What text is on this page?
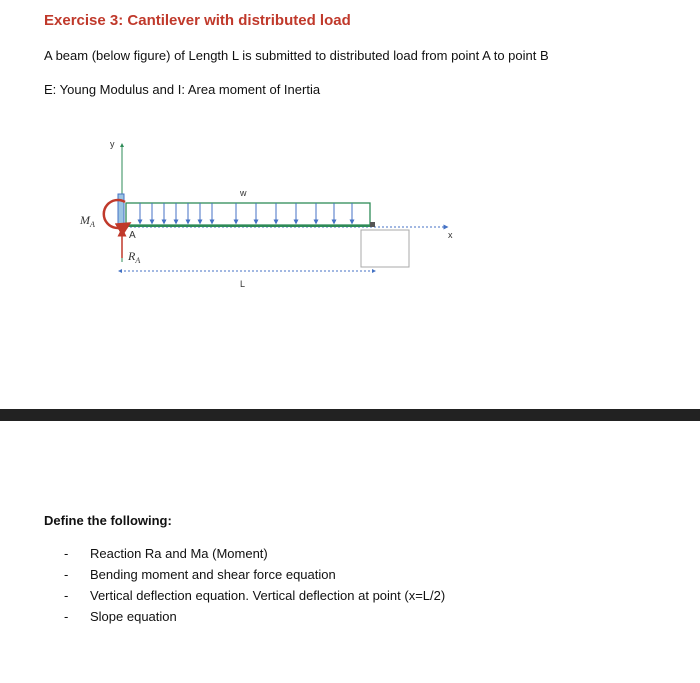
Exercise 3: Cantilever with distributed load
A beam (below figure) of Length L is submitted to distributed load from point A to point B
E: Young Modulus and I: Area moment of Inertia
y
x
w
$M_A$
A
$R_A$
L
Define the following:
- Reaction Ra and Ma (Moment)
- Bending moment and shear force equation
- Vertical deflection equation. Vertical deflection at point (x=L/2)
- Slope equation
